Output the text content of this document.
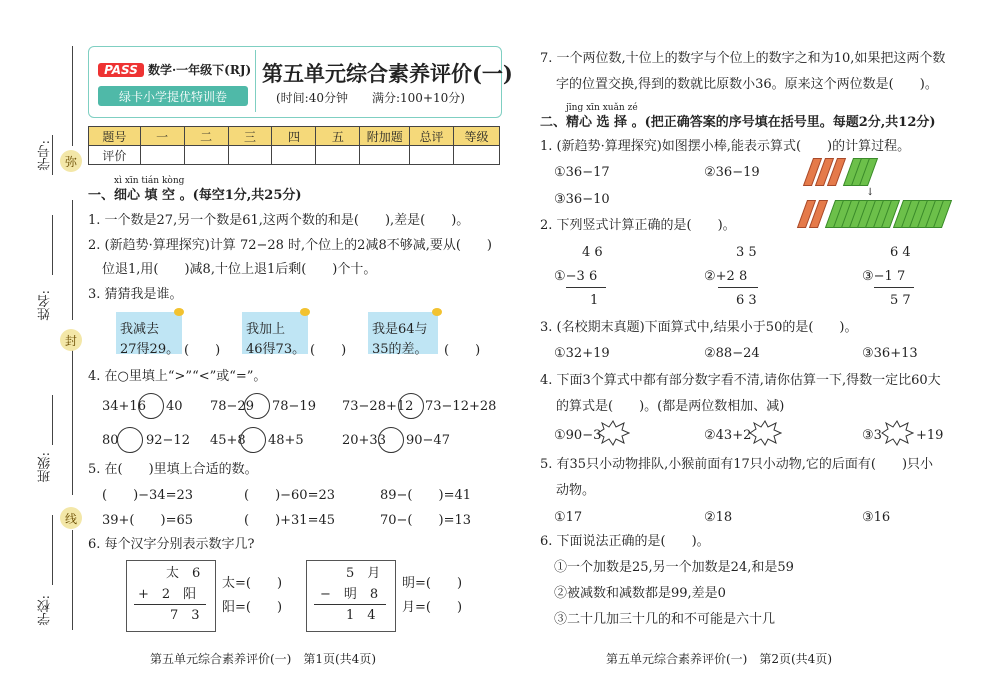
弥
封
线
学号:
姓名:
班级:
学校:
PASS 数学·一年级下(RJ)
绿卡小学提优特训卷
第五单元综合素养评价(一)
(时间:40分钟　　满分:100+10分)
题号	一	二	三	四	五	附加题	总评	等级
评价								
xì xīn tián kòng
一、细心 填 空 。(每空1分,共25分)
1. 一个数是27,另一个数是61,这两个数的和是(　　),差是(　　)。
2. (新趋势·算理探究)计算 72−28 时,个位上的2减8不够减,要从(　　)
位退1,用(　　)减8,十位上退1后剩(　　)个十。
3. 猜猜我是谁。
我减去
27得29。 (　　)
我加上
46得73。 (　　)
我是64与
35的差。 (　　)
4. 在○里填上“>”“<”或“=”。
34+16 40 78−29 78−19 73−28+12 73−12+28
80 92−12 45+8 48+5	20+33 90−47
5. 在(　　)里填上合适的数。
(　　)−34=23	(　　)−60=23	89−(　　)=41
39+(　　)=65	(　　)+31=45	70−(　　)=13
6. 每个汉字分别表示数字几?
太　6
+　2　阳
7　3
太=(　　)
阳=(　　)
5　月
−　明　8
1　4
明=(　　)
月=(　　)
7. 一个两位数,十位上的数字与个位上的数字之和为10,如果把这两个数
字的位置交换,得到的数就比原数小36。原来这个两位数是(　　)。
jīng xīn xuǎn zé
二、精心 选 择 。(把正确答案的序号填在括号里。每题2分,共12分)
1. (新趋势·算理探究)如图摆小棒,能表示算式(　　)的计算过程。
①36−17	②36−19
③36−10	↓
2. 下列竖式计算正确的是(　　)。
4 6
①−3 6
1
3 5
②+2 8
6 3
6 4
③−1 7
5 7
3. (名校期末真题)下面算式中,结果小于50的是(　　)。
①32+19	②88−24	③36+13
4. 下面3个算式中都有部分数字看不清,请你估算一下,得数一定比60大
的算式是(　　)。(都是两位数相加、减)
①90−3	②43+2	③3	+19
5. 有35只小动物排队,小猴前面有17只小动物,它的后面有(　　)只小
动物。
①17	②18	③16
6. 下面说法正确的是(　　)。
①一个加数是25,另一个加数是24,和是59
②被减数和减数都是99,差是0
③二十几加三十几的和不可能是六十几
第五单元综合素养评价(一)　第1页(共4页)	第五单元综合素养评价(一)　第2页(共4页)
